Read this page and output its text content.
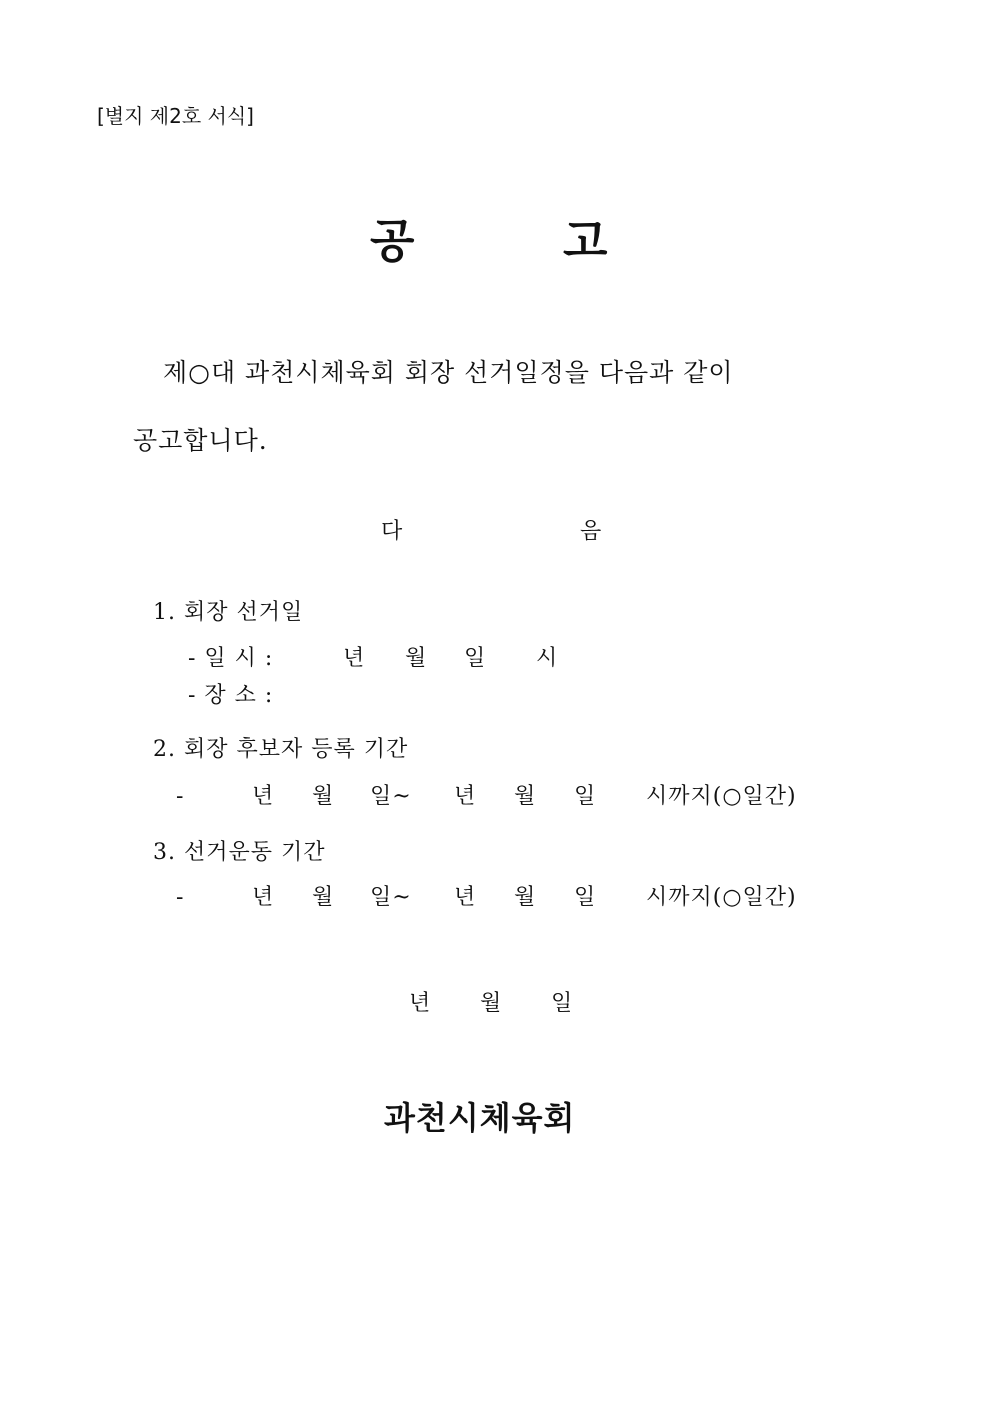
[별지 제2호 서식]
공	고
제○대 과천시체육회 회장 선거일정을 다음과 같이
공고합니다.
다	음
1. 회장 선거일
- 일 시 :	년 월 일 시
- 장 소 :
2. 회장 후보자 등록 기간
-	년 월 일~ 년 월 일 시까지(○일간)
3. 선거운동 기간
-	년 월 일~ 년 월 일 시까지(○일간)
년 월 일
과천시체육회
